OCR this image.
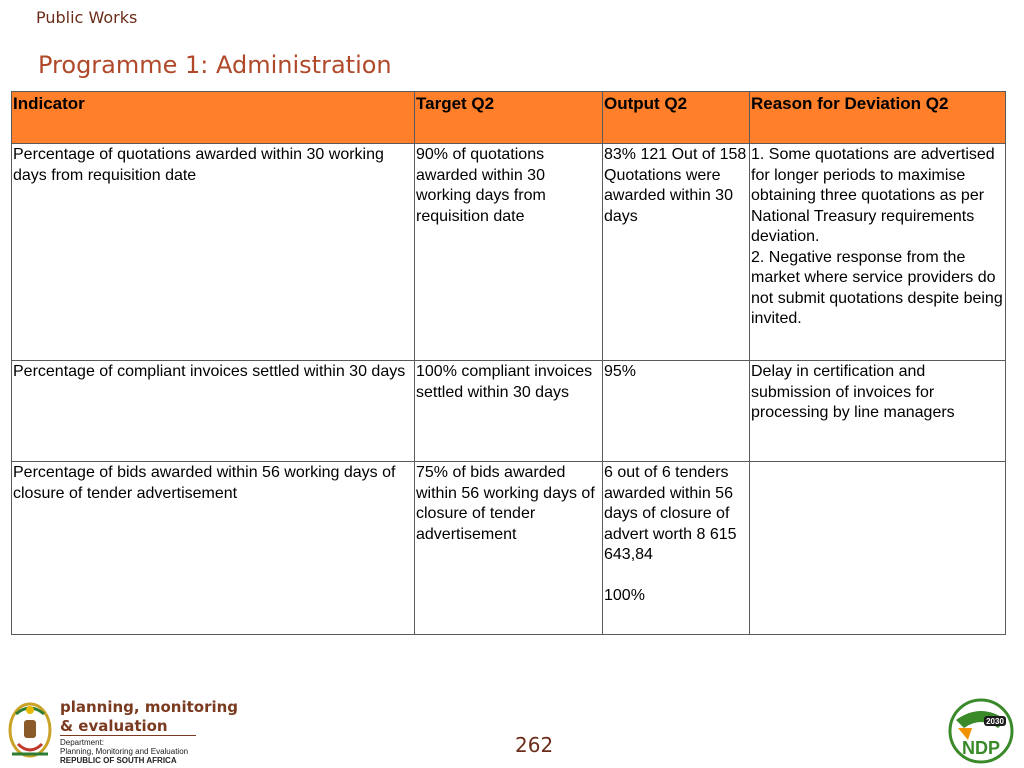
Public Works
Programme 1: Administration
Indicator	Target Q2	Output Q2	Reason for Deviation Q2
Percentage of quotations awarded within 30 working days from requisition date	90% of quotations awarded within 30 working days from requisition date	83% 121 Out of 158 Quotations were awarded within 30 days	1. Some quotations are advertised for longer periods to maximise obtaining three quotations as per National Treasury requirements deviation.
2. Negative response from the market where service providers do not submit quotations despite being invited.
Percentage of compliant invoices settled within 30 days	100% compliant invoices settled within 30 days	95%	Delay in certification and submission of invoices for processing by line managers
Percentage of bids awarded within 56 working days of closure of tender advertisement	75% of bids awarded within 56 working days of closure of tender advertisement	6 out of 6 tenders awarded within 56 days of closure of advert worth 8 615 643,84

100%	
planning, monitoring
& evaluation
Department:
Planning, Monitoring and Evaluation
REPUBLIC OF SOUTH AFRICA
262
2030
NDP
